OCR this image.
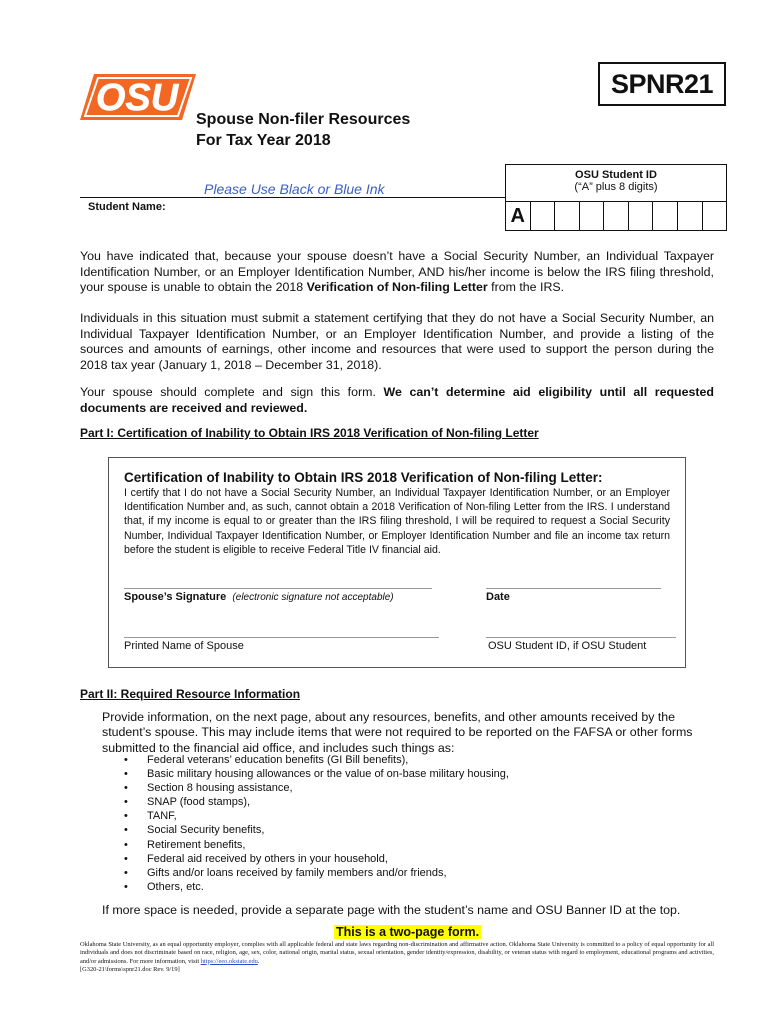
OSU	SPNR21
Spouse Non-filer Resources
For Tax Year 2018
Please Use Black or Blue Ink
OSU Student ID
(“A” plus 8 digits)
A
Student Name:
You have indicated that, because your spouse doesn’t have a Social Security Number, an Individual Taxpayer Identification Number, or an Employer Identification Number, AND his/her income is below the IRS filing threshold, your spouse is unable to obtain the 2018 Verification of Non-filing Letter from the IRS.
Individuals in this situation must submit a statement certifying that they do not have a Social Security Number, an Individual Taxpayer Identification Number, or an Employer Identification Number, and provide a listing of the sources and amounts of earnings, other income and resources that were used to support the person during the 2018 tax year (January 1, 2018 – December 31, 2018).
Your spouse should complete and sign this form. We can’t determine aid eligibility until all requested documents are received and reviewed.
Part I: Certification of Inability to Obtain IRS 2018 Verification of Non-filing Letter
Certification of Inability to Obtain IRS 2018 Verification of Non-filing Letter:
I certify that I do not have a Social Security Number, an Individual Taxpayer Identification Number, or an Employer Identification Number and, as such, cannot obtain a 2018 Verification of Non-filing Letter from the IRS. I understand that, if my income is equal to or greater than the IRS filing threshold, I will be required to request a Social Security Number, Individual Taxpayer Identification Number, or Employer Identification Number and file an income tax return before the student is eligible to receive Federal Title IV financial aid.
Spouse’s Signature (electronic signature not acceptable)	Date
Printed Name of Spouse	OSU Student ID, if OSU Student
Part II: Required Resource Information
Provide information, on the next page, about any resources, benefits, and other amounts received by the student’s spouse. This may include items that were not required to be reported on the FAFSA or other forms submitted to the financial aid office, and includes such things as:
• Federal veterans’ education benefits (GI Bill benefits),
• Basic military housing allowances or the value of on-base military housing,
• Section 8 housing assistance,
• SNAP (food stamps),
• TANF,
• Social Security benefits,
• Retirement benefits,
• Federal aid received by others in your household,
• Gifts and/or loans received by family members and/or friends,
• Others, etc.
If more space is needed, provide a separate page with the student’s name and OSU Banner ID at the top.
This is a two-page form.
Oklahoma State University, as an equal opportunity employer, complies with all applicable federal and state laws regarding non-discrimination and affirmative action. Oklahoma State University is committed to a policy of equal opportunity for all individuals and does not discriminate based on race, religion, age, sex, color, national origin, marital status, sexual orientation, gender identity/expression, disability, or veteran status with regard to employment, educational programs and activities, and/or admissions. For more information, visit https://eeo.okstate.edu.
[G320-21\forms\spnr21.doc Rev. 9/19]
